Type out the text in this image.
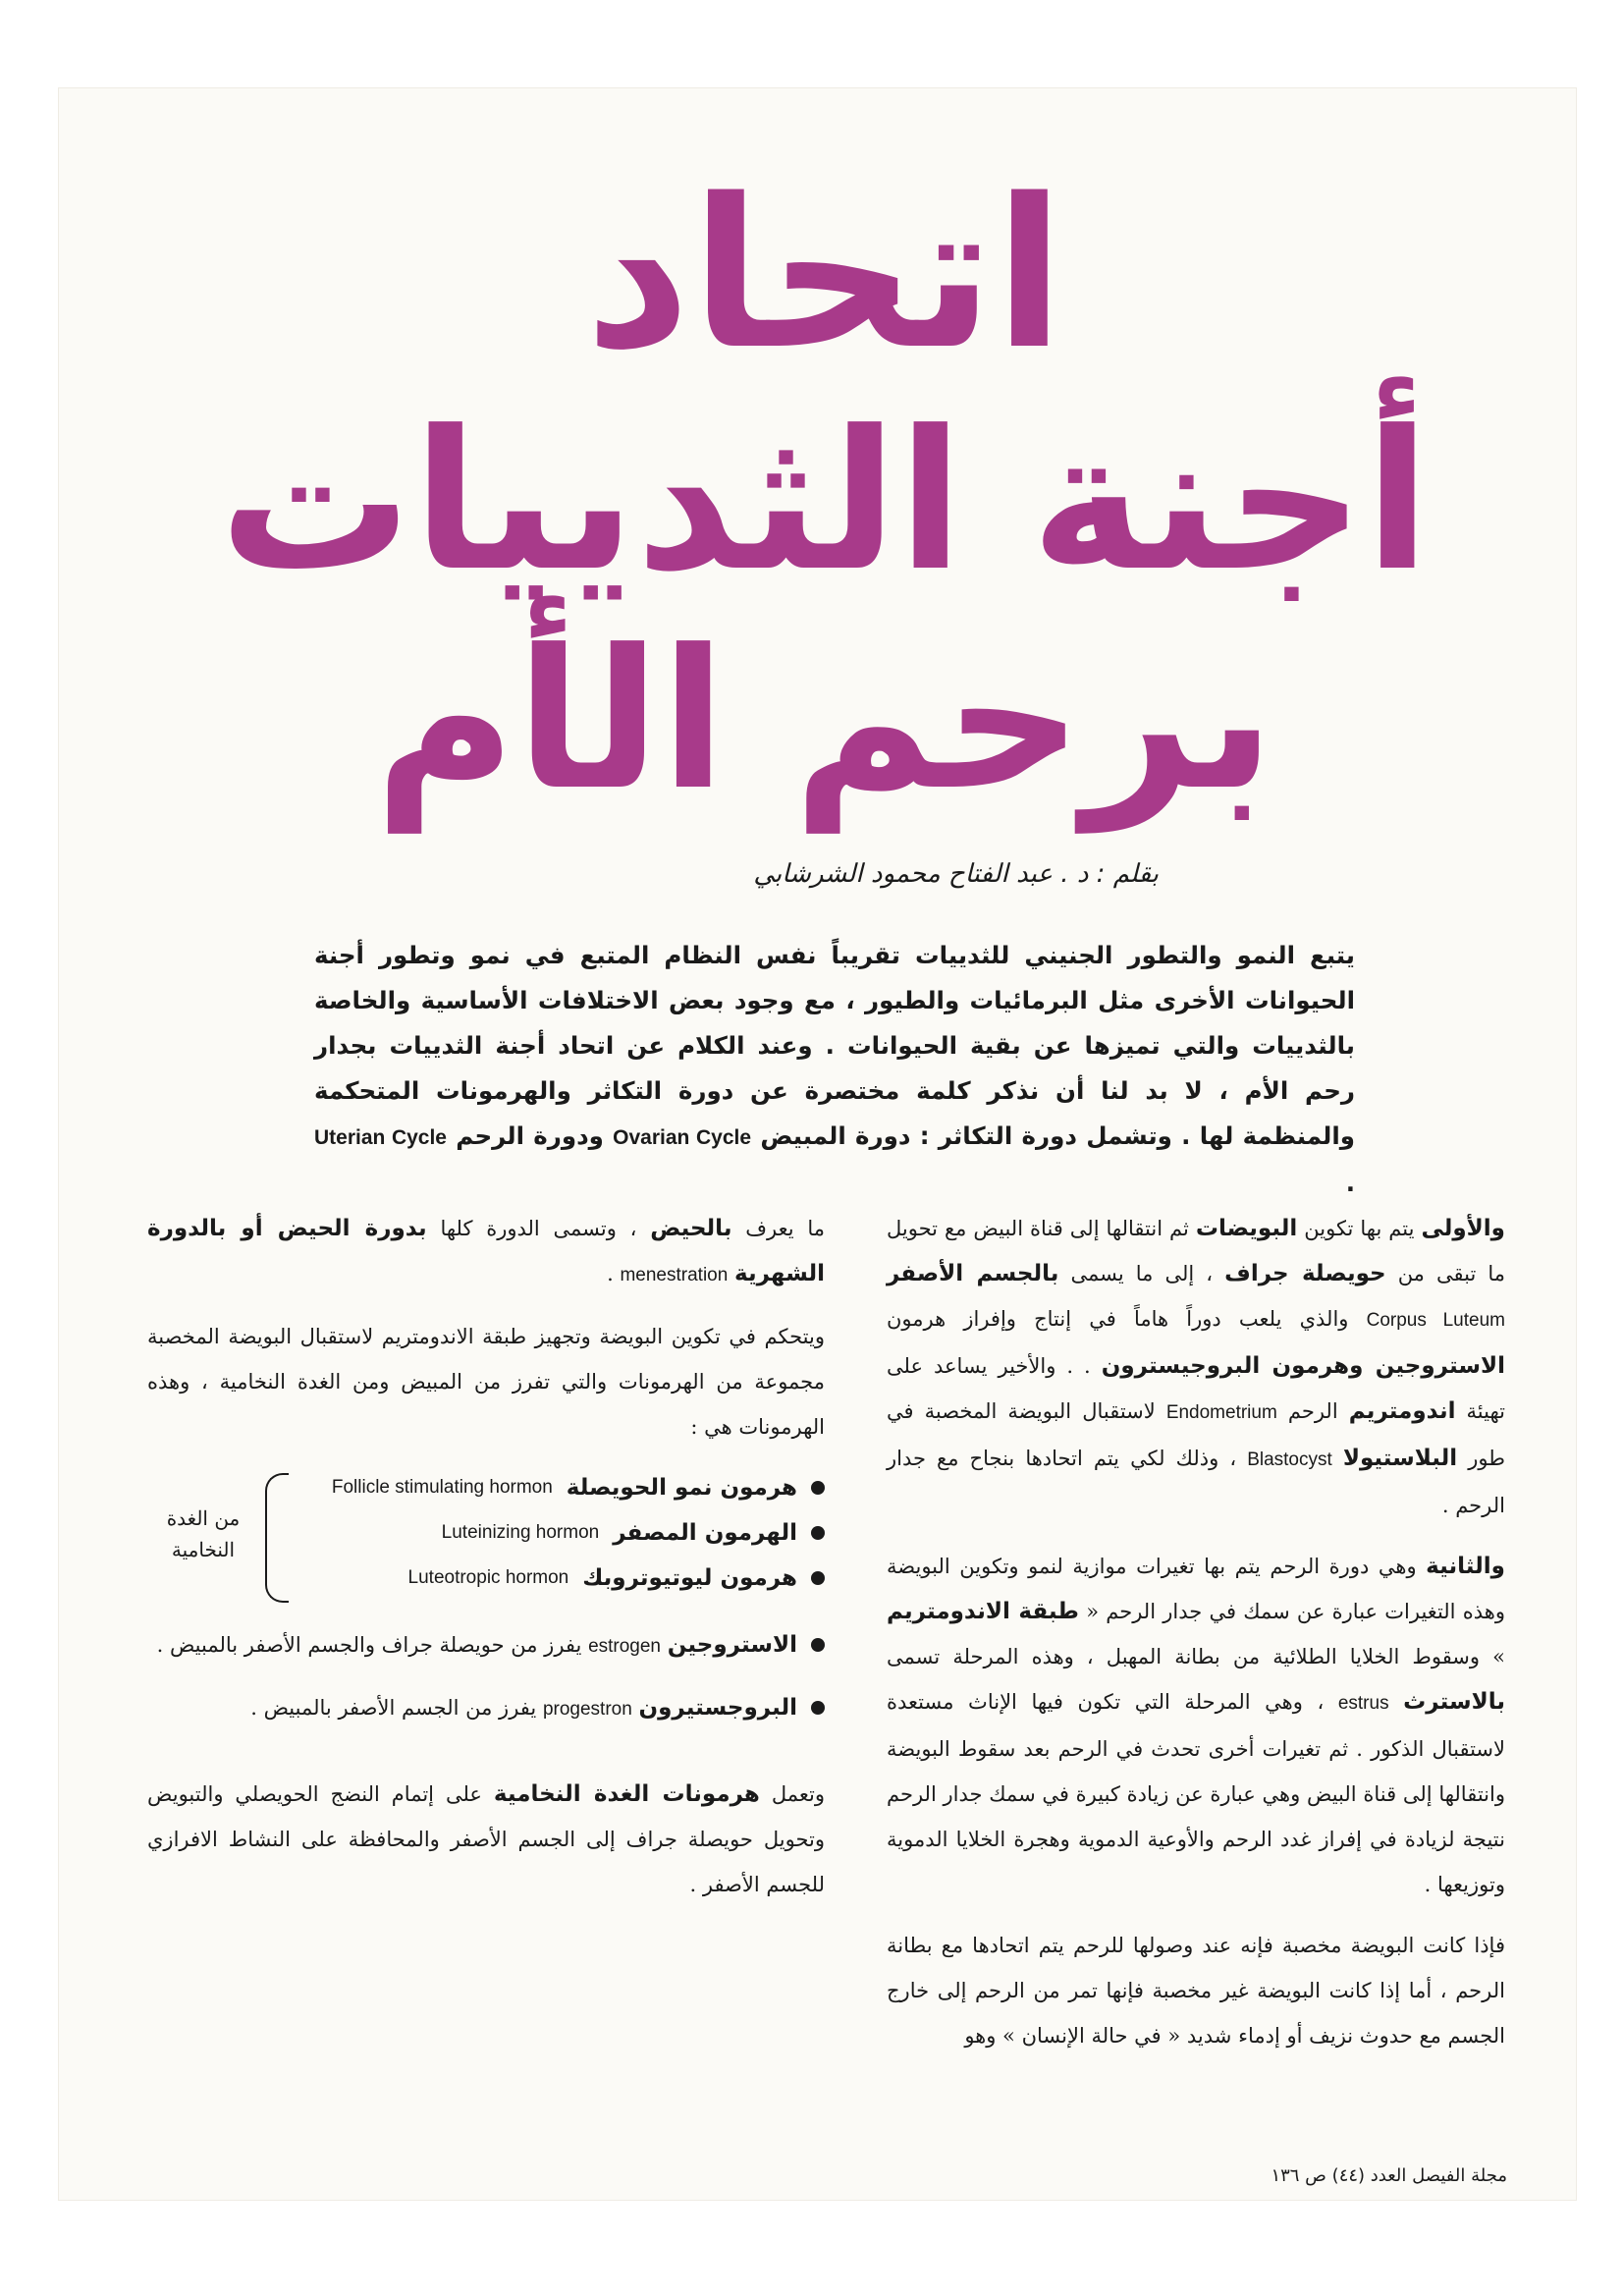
اتحاد
أجنة الثدييات
برحم الأم
بقلم : د . عبد الفتاح محمود الشرشابي
يتبع النمو والتطور الجنيني للثدييات تقريباً نفس النظام المتبع في نمو وتطور أجنة الحيوانات الأخرى مثل البرمائيات والطيور ، مع وجود بعض الاختلافات الأساسية والخاصة بالثدييات والتي تميزها عن بقية الحيوانات . وعند الكلام عن اتحاد أجنة الثدييات بجدار رحم الأم ، لا بد لنا أن نذكر كلمة مختصرة عن دورة التكاثر والهرمونات المتحكمة والمنظمة لها . وتشمل دورة التكاثر : دورة المبيض Ovarian Cycle ودورة الرحم Uterian Cycle .

والأولى يتم بها تكوين البويضات ثم انتقالها إلى قناة البيض مع تحويل ما تبقى من حويصلة جراف ، إلى ما يسمى بالجسم الأصفر Corpus Luteum والذي يلعب دوراً هاماً في إنتاج وإفراز هرمون الاستروجين وهرمون البروجيسترون . . والأخير يساعد على تهيئة اندومتريم الرحم Endometrium لاستقبال البويضة المخصبة في طور البلاستيولا Blastocyst ، وذلك لكي يتم اتحادها بنجاح مع جدار الرحم .

والثانية وهي دورة الرحم يتم بها تغيرات موازية لنمو وتكوين البويضة وهذه التغيرات عبارة عن سمك في جدار الرحم « طبقة الاندومتريم » وسقوط الخلايا الطلائية من بطانة المهبل ، وهذه المرحلة تسمى بالاسترث estrus ، وهي المرحلة التي تكون فيها الإناث مستعدة لاستقبال الذكور . ثم تغيرات أخرى تحدث في الرحم بعد سقوط البويضة وانتقالها إلى قناة البيض وهي عبارة عن زيادة كبيرة في سمك جدار الرحم نتيجة لزيادة في إفراز غدد الرحم والأوعية الدموية وهجرة الخلايا الدموية وتوزيعها .

فإذا كانت البويضة مخصبة فإنه عند وصولها للرحم يتم اتحادها مع بطانة الرحم ، أما إذا كانت البويضة غير مخصبة فإنها تمر من الرحم إلى خارج الجسم مع حدوث نزيف أو إدماء شديد « في حالة الإنسان » وهو

ما يعرف بالحيض ، وتسمى الدورة كلها بدورة الحيض أو بالدورة الشهرية menestration .

ويتحكم في تكوين البويضة وتجهيز طبقة الاندومتريم لاستقبال البويضة المخصبة مجموعة من الهرمونات والتي تفرز من المبيض ومن الغدة النخامية ، وهذه الهرمونات هي :

هرمون نمو الحويصلة
Follicle stimulating hormon
الهرمون المصفر
Luteinizing hormon
هرمون ليوتيوتروبك
Luteotropic hormon
من الغدة
النخامية
الاستروجين estrogen يفرز من حويصلة جراف والجسم الأصفر بالمبيض .
البروجستيرون progestron يفرز من الجسم الأصفر بالمبيض .

وتعمل هرمونات الغدة النخامية على إتمام النضج الحويصلي والتبويض وتحويل حويصلة جراف إلى الجسم الأصفر والمحافظة على النشاط الافرازي للجسم الأصفر .

مجلة الفيصل العدد (٤٤) ص ١٣٦
